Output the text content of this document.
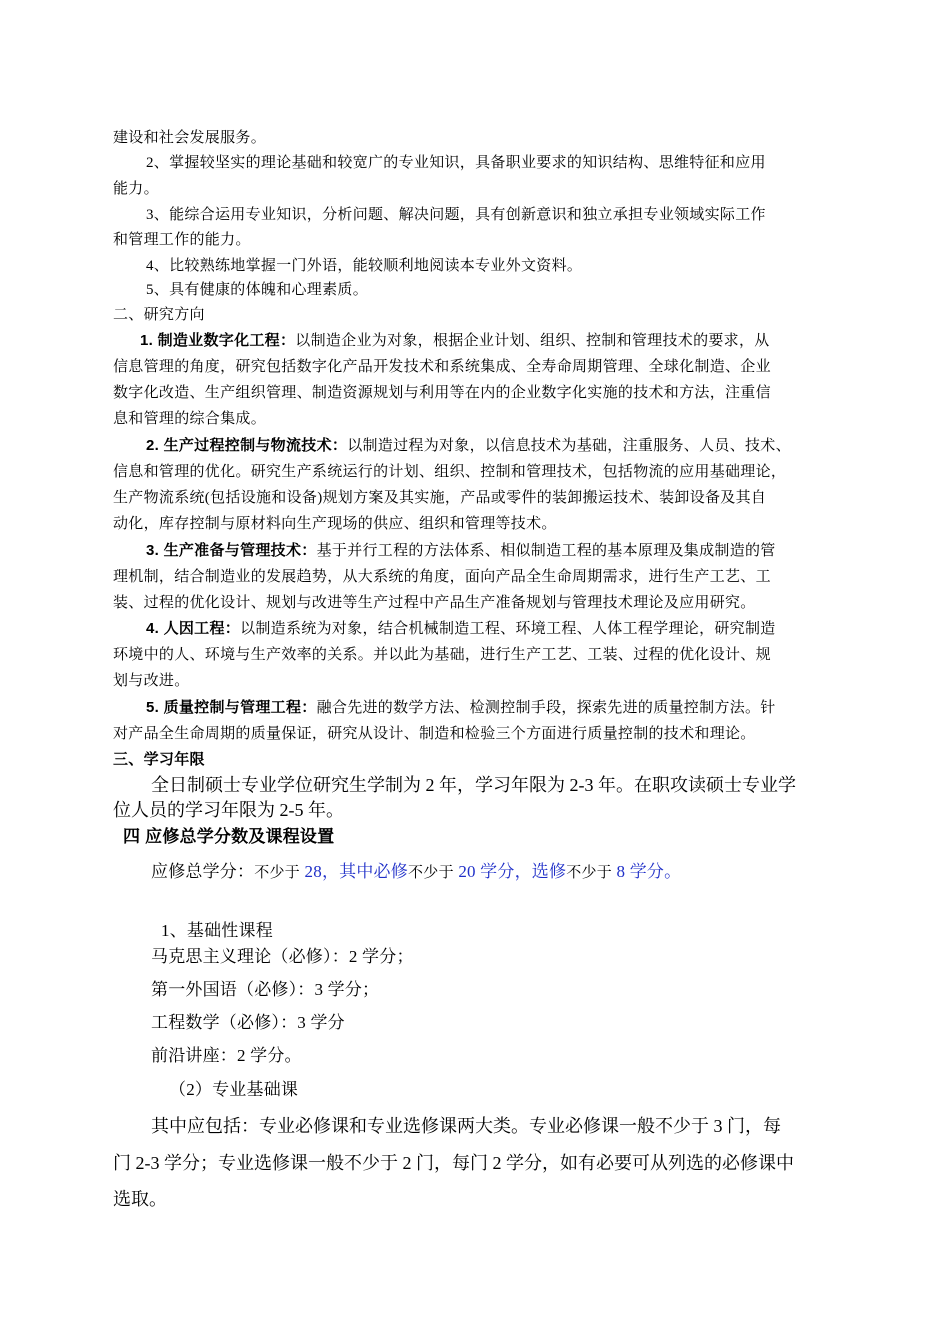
建设和社会发展服务。
2、掌握较坚实的理论基础和较宽广的专业知识，具备职业要求的知识结构、思维特征和应用
能力。
3、能综合运用专业知识，分析问题、解决问题，具有创新意识和独立承担专业领域实际工作
和管理工作的能力。
4、比较熟练地掌握一门外语，能较顺利地阅读本专业外文资料。
5、具有健康的体魄和心理素质。
二、研究方向
1. 制造业数字化工程：以制造企业为对象，根据企业计划、组织、控制和管理技术的要求，从
信息管理的角度，研究包括数字化产品开发技术和系统集成、全寿命周期管理、全球化制造、企业
数字化改造、生产组织管理、制造资源规划与利用等在内的企业数字化实施的技术和方法，注重信
息和管理的综合集成。
2. 生产过程控制与物流技术：以制造过程为对象，以信息技术为基础，注重服务、人员、技术、
信息和管理的优化。研究生产系统运行的计划、组织、控制和管理技术，包括物流的应用基础理论，
生产物流系统(包括设施和设备)规划方案及其实施，产品或零件的装卸搬运技术、装卸设备及其自
动化，库存控制与原材料向生产现场的供应、组织和管理等技术。
3. 生产准备与管理技术：基于并行工程的方法体系、相似制造工程的基本原理及集成制造的管
理机制，结合制造业的发展趋势，从大系统的角度，面向产品全生命周期需求，进行生产工艺、工
装、过程的优化设计、规划与改进等生产过程中产品生产准备规划与管理技术理论及应用研究。
4. 人因工程：以制造系统为对象，结合机械制造工程、环境工程、人体工程学理论，研究制造
环境中的人、环境与生产效率的关系。并以此为基础，进行生产工艺、工装、过程的优化设计、规
划与改进。
5. 质量控制与管理工程：融合先进的数学方法、检测控制手段，探索先进的质量控制方法。针
对产品全生命周期的质量保证，研究从设计、制造和检验三个方面进行质量控制的技术和理论。
三、学习年限
全日制硕士专业学位研究生学制为 2 年，学习年限为 2-3 年。在职攻读硕士专业学
位人员的学习年限为 2-5 年。
四 应修总学分数及课程设置
应修总学分：不少于 28，其中必修不少于 20 学分，选修不少于 8 学分。
1、基础性课程
马克思主义理论（必修）：2 学分；
第一外国语（必修）：3 学分；
工程数学（必修）：3 学分
前沿讲座：2 学分。
（2）专业基础课
其中应包括：专业必修课和专业选修课两大类。专业必修课一般不少于 3 门，每
门 2-3 学分；专业选修课一般不少于 2 门，每门 2 学分，如有必要可从列选的必修课中
选取。
